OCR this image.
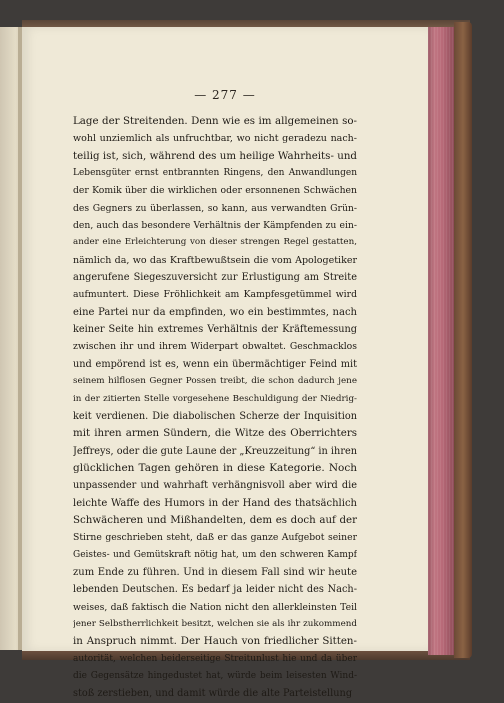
— 277 —
Lage der Streitenden. Denn wie es im allgemeinen so-
wohl unziemlich als unfruchtbar, wo nicht geradezu nach-
teilig ist, sich, während des um heilige Wahrheits- und
Lebensgüter ernst entbrannten Ringens, den Anwandlungen
der Komik über die wirklichen oder ersonnenen Schwächen
des Gegners zu überlassen, so kann, aus verwandten Grün-
den, auch das besondere Verhältnis der Kämpfenden zu ein-
ander eine Erleichterung von dieser strengen Regel gestatten,
nämlich da, wo das Kraftbewußtsein die vom Apologetiker
angerufene Siegeszuversicht zur Erlustigung am Streite
aufmuntert. Diese Fröhlichkeit am Kampfesgetümmel wird
eine Partei nur da empfinden, wo ein bestimmtes, nach
keiner Seite hin extremes Verhältnis der Kräftemessung
zwischen ihr und ihrem Widerpart obwaltet. Geschmacklos
und empörend ist es, wenn ein übermächtiger Feind mit
seinem hilflosen Gegner Possen treibt, die schon dadurch jene
in der zitierten Stelle vorgesehene Beschuldigung der Niedrig-
keit verdienen. Die diabolischen Scherze der Inquisition
mit ihren armen Sündern, die Witze des Oberrichters
Jeffreys, oder die gute Laune der „Kreuzzeitung“ in ihren
glücklichen Tagen gehören in diese Kategorie. Noch
unpassender und wahrhaft verhängnisvoll aber wird die
leichte Waffe des Humors in der Hand des thatsächlich
Schwächeren und Mißhandelten, dem es doch auf der
Stirne geschrieben steht, daß er das ganze Aufgebot seiner
Geistes- und Gemütskraft nötig hat, um den schweren Kampf
zum Ende zu führen. Und in diesem Fall sind wir heute
lebenden Deutschen. Es bedarf ja leider nicht des Nach-
weises, daß faktisch die Nation nicht den allerkleinsten Teil
jener Selbstherrlichkeit besitzt, welchen sie als ihr zukommend
in Anspruch nimmt. Der Hauch von friedlicher Sitten-
autorität, welchen beiderseitige Streitunlust hie und da über
die Gegensätze hingedustet hat, würde beim leisesten Wind-
stoß zerstieben, und damit würde die alte Parteistellung
